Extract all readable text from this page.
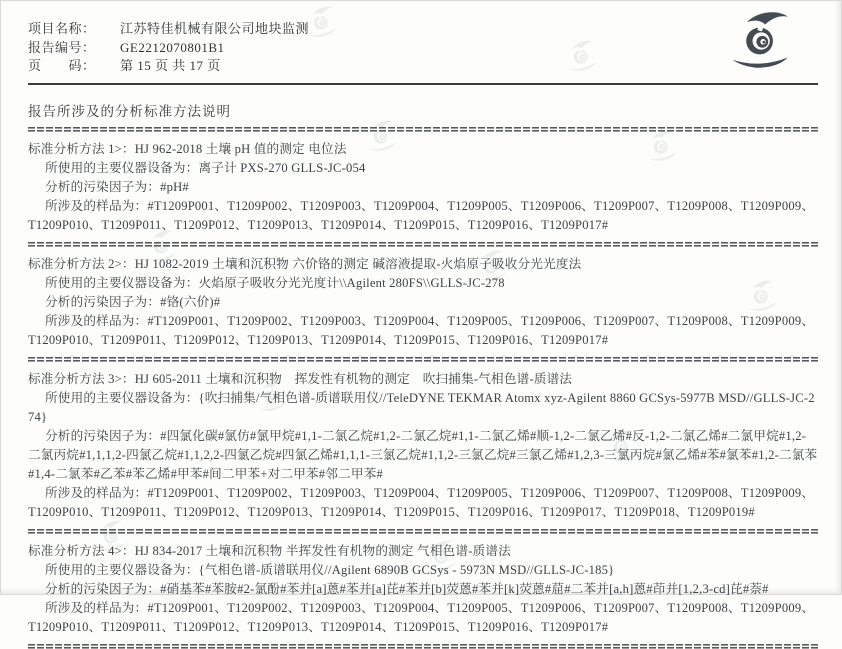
项目名称：	江苏特佳机械有限公司地块监测
报告编号：	GE2212070801B1
页　　码：	第 15 页 共 17 页
报告所涉及的分析标准方法说明

标准分析方法 1>：HJ 962-2018 土壤 pH 值的测定 电位法

所使用的主要仪器设备为：离子计 PXS-270 GLLS-JC-054

分析的污染因子为：#pH#

所涉及的样品为：#T1209P001、T1209P002、T1209P003、T1209P004、T1209P005、T1209P006、T1209P007、T1209P008、T1209P009、T1209P010、T1209P011、T1209P012、T1209P013、T1209P014、T1209P015、T1209P016、T1209P017#

标准分析方法 2>：HJ 1082-2019 土壤和沉积物 六价铬的测定 碱溶液提取-火焰原子吸收分光光度法

所使用的主要仪器设备为：火焰原子吸收分光光度计\\Agilent 280FS\\GLLS-JC-278

分析的污染因子为：#铬(六价)#

所涉及的样品为：#T1209P001、T1209P002、T1209P003、T1209P004、T1209P005、T1209P006、T1209P007、T1209P008、T1209P009、T1209P010、T1209P011、T1209P012、T1209P013、T1209P014、T1209P015、T1209P016、T1209P017#

标准分析方法 3>：HJ 605-2011 土壤和沉积物　挥发性有机物的测定　吹扫捕集-气相色谱-质谱法

所使用的主要仪器设备为：{吹扫捕集/气相色谱-质谱联用仪//TeleDYNE TEKMAR Atomx xyz-Agilent 8860 GCSys-5977B MSD//GLLS-JC-274}

分析的污染因子为：#四氯化碳#氯仿#氯甲烷#1,1-二氯乙烷#1,2-二氯乙烷#1,1-二氯乙烯#顺-1,2-二氯乙烯#反-1,2-二氯乙烯#二氯甲烷#1,2-二氯丙烷#1,1,1,2-四氯乙烷#1,1,2,2-四氯乙烷#四氯乙烯#1,1,1-三氯乙烷#1,1,2-三氯乙烷#三氯乙烯#1,2,3-三氯丙烷#氯乙烯#苯#氯苯#1,2-二氯苯#1,4-二氯苯#乙苯#苯乙烯#甲苯#间二甲苯+对二甲苯#邻二甲苯#

所涉及的样品为：#T1209P001、T1209P002、T1209P003、T1209P004、T1209P005、T1209P006、T1209P007、T1209P008、T1209P009、T1209P010、T1209P011、T1209P012、T1209P013、T1209P014、T1209P015、T1209P016、T1209P017、T1209P018、T1209P019#

标准分析方法 4>：HJ 834-2017 土壤和沉积物 半挥发性有机物的测定 气相色谱-质谱法

所使用的主要仪器设备为：{气相色谱-质谱联用仪//Agilent 6890B GCSys - 5973N MSD//GLLS-JC-185}

分析的污染因子为：#硝基苯#苯胺#2-氯酚#苯并[a]蒽#苯并[a]芘#苯并[b]荧蒽#苯并[k]荧蒽#䓛#二苯并[a,h]蒽#茚并[1,2,3-cd]芘#萘#

所涉及的样品为：#T1209P001、T1209P002、T1209P003、T1209P004、T1209P005、T1209P006、T1209P007、T1209P008、T1209P009、T1209P010、T1209P011、T1209P012、T1209P013、T1209P014、T1209P015、T1209P016、T1209P017#
